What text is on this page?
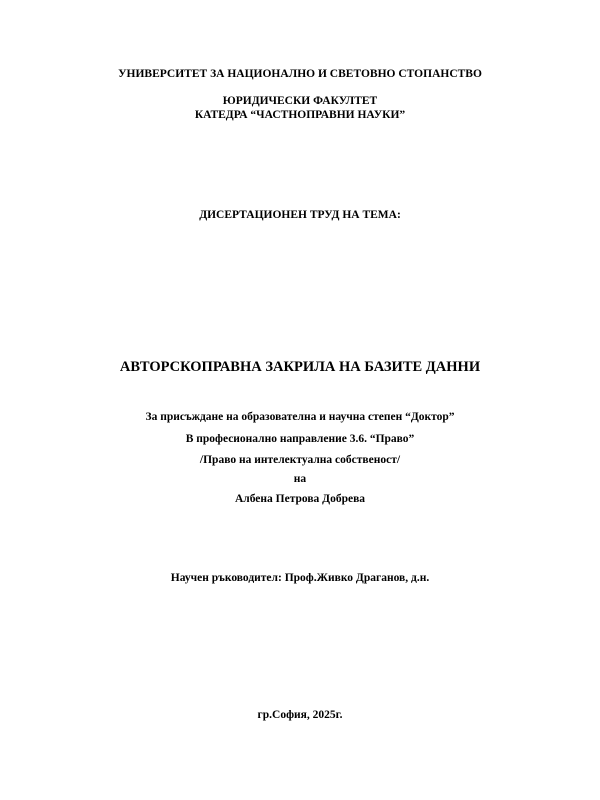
УНИВЕРСИТЕТ ЗА НАЦИОНАЛНО И СВЕТОВНО СТОПАНСТВО
ЮРИДИЧЕСКИ ФАКУЛТЕТ
КАТЕДРА “ЧАСТНОПРАВНИ НАУКИ”
ДИСЕРТАЦИОНЕН ТРУД НА ТЕМА:
АВТОРСКОПРАВНА ЗАКРИЛА НА БАЗИТЕ ДАННИ
За присъждане на образователна и научна степен “Доктор”
В професионално направление 3.6. “Право”
/Право на интелектуална собственост/
на
Албена Петрова Добрева
Научен ръководител: Проф.Живко Драганов, д.н.
гр.София, 2025г.
